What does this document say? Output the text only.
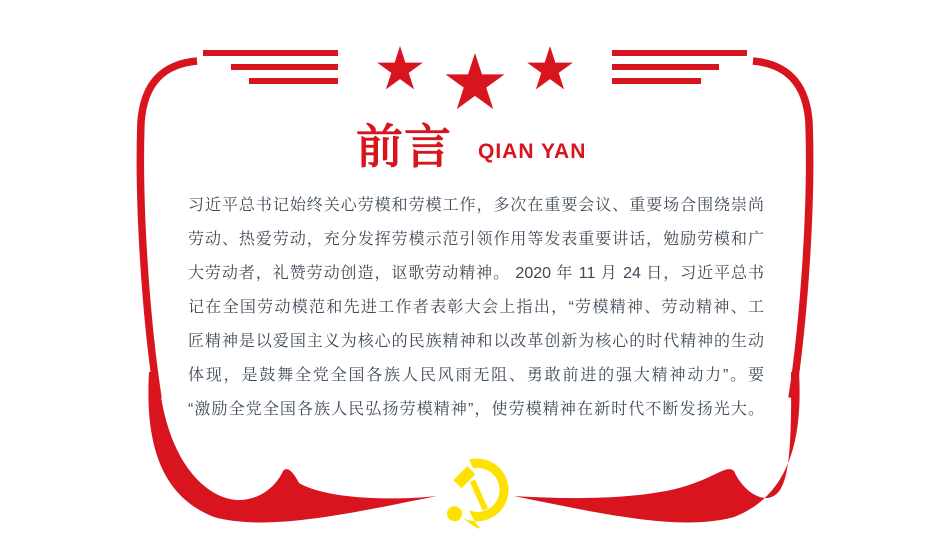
前言 QIAN YAN
习近平总书记始终关心劳模和劳模工作，多次在重要会议、重要场合围绕崇尚
劳动、热爱劳动，充分发挥劳模示范引领作用等发表重要讲话，勉励劳模和广
大劳动者，礼赞劳动创造，讴歌劳动精神。 2020 年 11 月 24 日，习近平总书
记在全国劳动模范和先进工作者表彰大会上指出，“劳模精神、劳动精神、工
匠精神是以爱国主义为核心的民族精神和以改革创新为核心的时代精神的生动
体现，是鼓舞全党全国各族人民风雨无阻、勇敢前进的强大精神动力”。要
“激励全党全国各族人民弘扬劳模精神”，使劳模精神在新时代不断发扬光大。
